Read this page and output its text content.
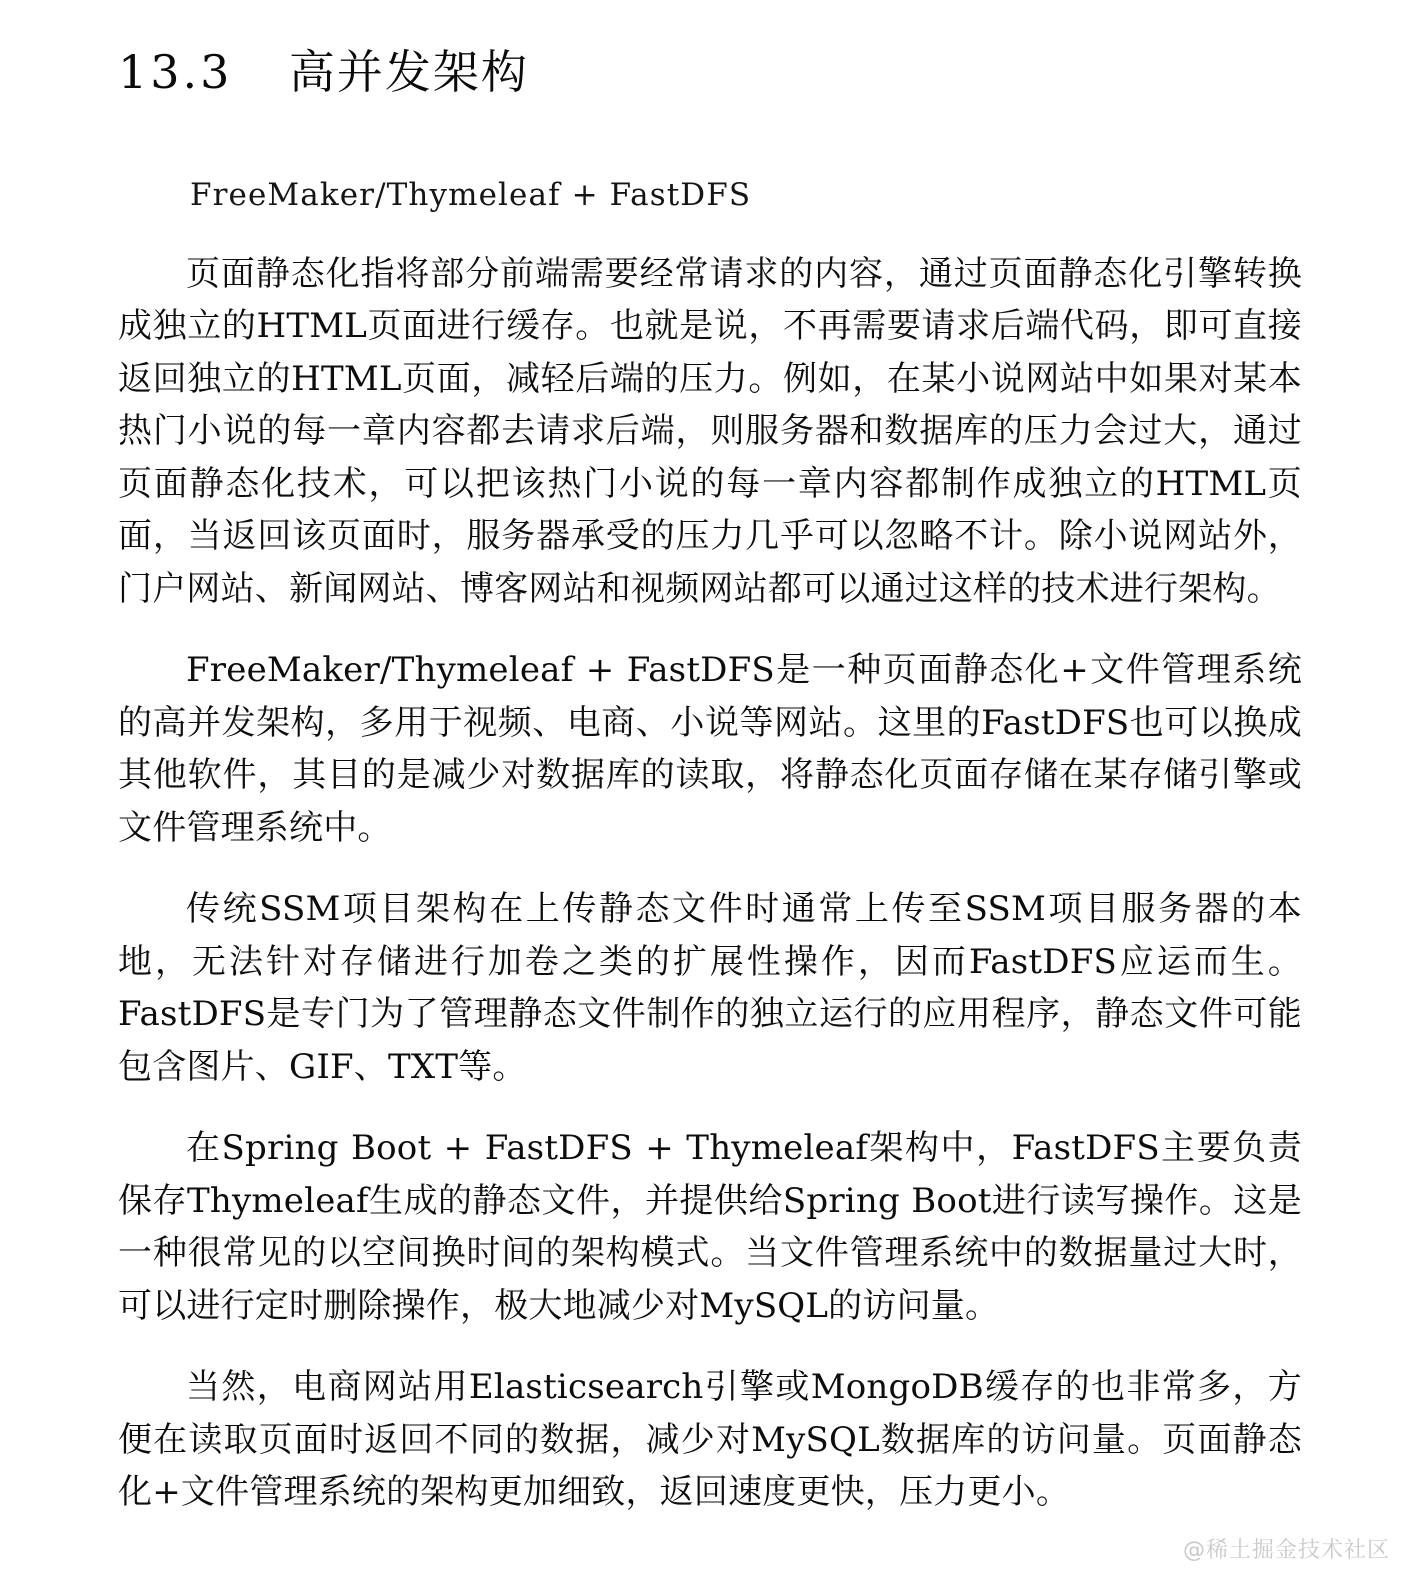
13.3 高并发架构

FreeMaker/Thymeleaf + FastDFS

页面静态化指将部分前端需要经常请求的内容，通过页面静态化引擎转换成独立的HTML页面进行缓存。也就是说，不再需要请求后端代码，即可直接返回独立的HTML页面，减轻后端的压力。例如，在某小说网站中如果对某本热门小说的每一章内容都去请求后端，则服务器和数据库的压力会过大，通过页面静态化技术，可以把该热门小说的每一章内容都制作成独立的HTML页面，当返回该页面时，服务器承受的压力几乎可以忽略不计。除小说网站外，门户网站、新闻网站、博客网站和视频网站都可以通过这样的技术进行架构。

FreeMaker/Thymeleaf + FastDFS是一种页面静态化+文件管理系统的高并发架构，多用于视频、电商、小说等网站。这里的FastDFS也可以换成其他软件，其目的是减少对数据库的读取，将静态化页面存储在某存储引擎或文件管理系统中。

传统SSM项目架构在上传静态文件时通常上传至SSM项目服务器的本地，无法针对存储进行加卷之类的扩展性操作，因而FastDFS应运而生。FastDFS是专门为了管理静态文件制作的独立运行的应用程序，静态文件可能包含图片、GIF、TXT等。

在Spring Boot + FastDFS + Thymeleaf架构中，FastDFS主要负责保存Thymeleaf生成的静态文件，并提供给Spring Boot进行读写操作。这是一种很常见的以空间换时间的架构模式。当文件管理系统中的数据量过大时，可以进行定时删除操作，极大地减少对MySQL的访问量。

当然，电商网站用Elasticsearch引擎或MongoDB缓存的也非常多，方便在读取页面时返回不同的数据，减少对MySQL数据库的访问量。页面静态化+文件管理系统的架构更加细致，返回速度更快，压力更小。

@稀土掘金技术社区
